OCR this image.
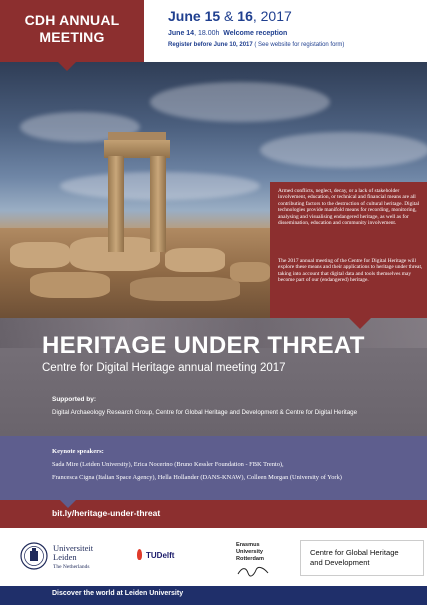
CDH ANNUAL MEETING
June 15 & 16, 2017
June 14, 18.00h Welcome reception
Register before June 10, 2017 ( See website for registation form)
Armed conflicts, neglect, decay, or a lack of stakeholder involvement, education, or technical and financial means are all contributing factors to the destruction of cultural heritage. Digital technologies provide manifold means for recording, monitoring, analysing and visualising endangered heritage, as well as for dissemination, education and community involvement.
The 2017 annual meeting of the Centre for Digital Heritage will explore these means and their applications to heritage under threat, taking into account that digital data and tools themselves may become part of our (endangered) heritage.
HERITAGE UNDER THREAT
Centre for Digital Heritage annual meeting 2017
Supported by:
Digital Archaeology Research Group, Centre for Global Heritage and Development & Centre for Digital Heritage
Keynote speakers:
Sada Mire (Leiden University), Erica Nocerino (Bruno Kessler Foundation - FBK Trento),
Francesca Cigna (Italian Space Agency), Hella Hollander (DANS-KNAW), Colleen Morgan (University of York)
bit.ly/heritage-under-threat
Universiteit
Leiden
The Netherlands
TUDelft
Erasmus
University
Rotterdam
Centre for Global Heritage
and Development
Discover the world at Leiden University
